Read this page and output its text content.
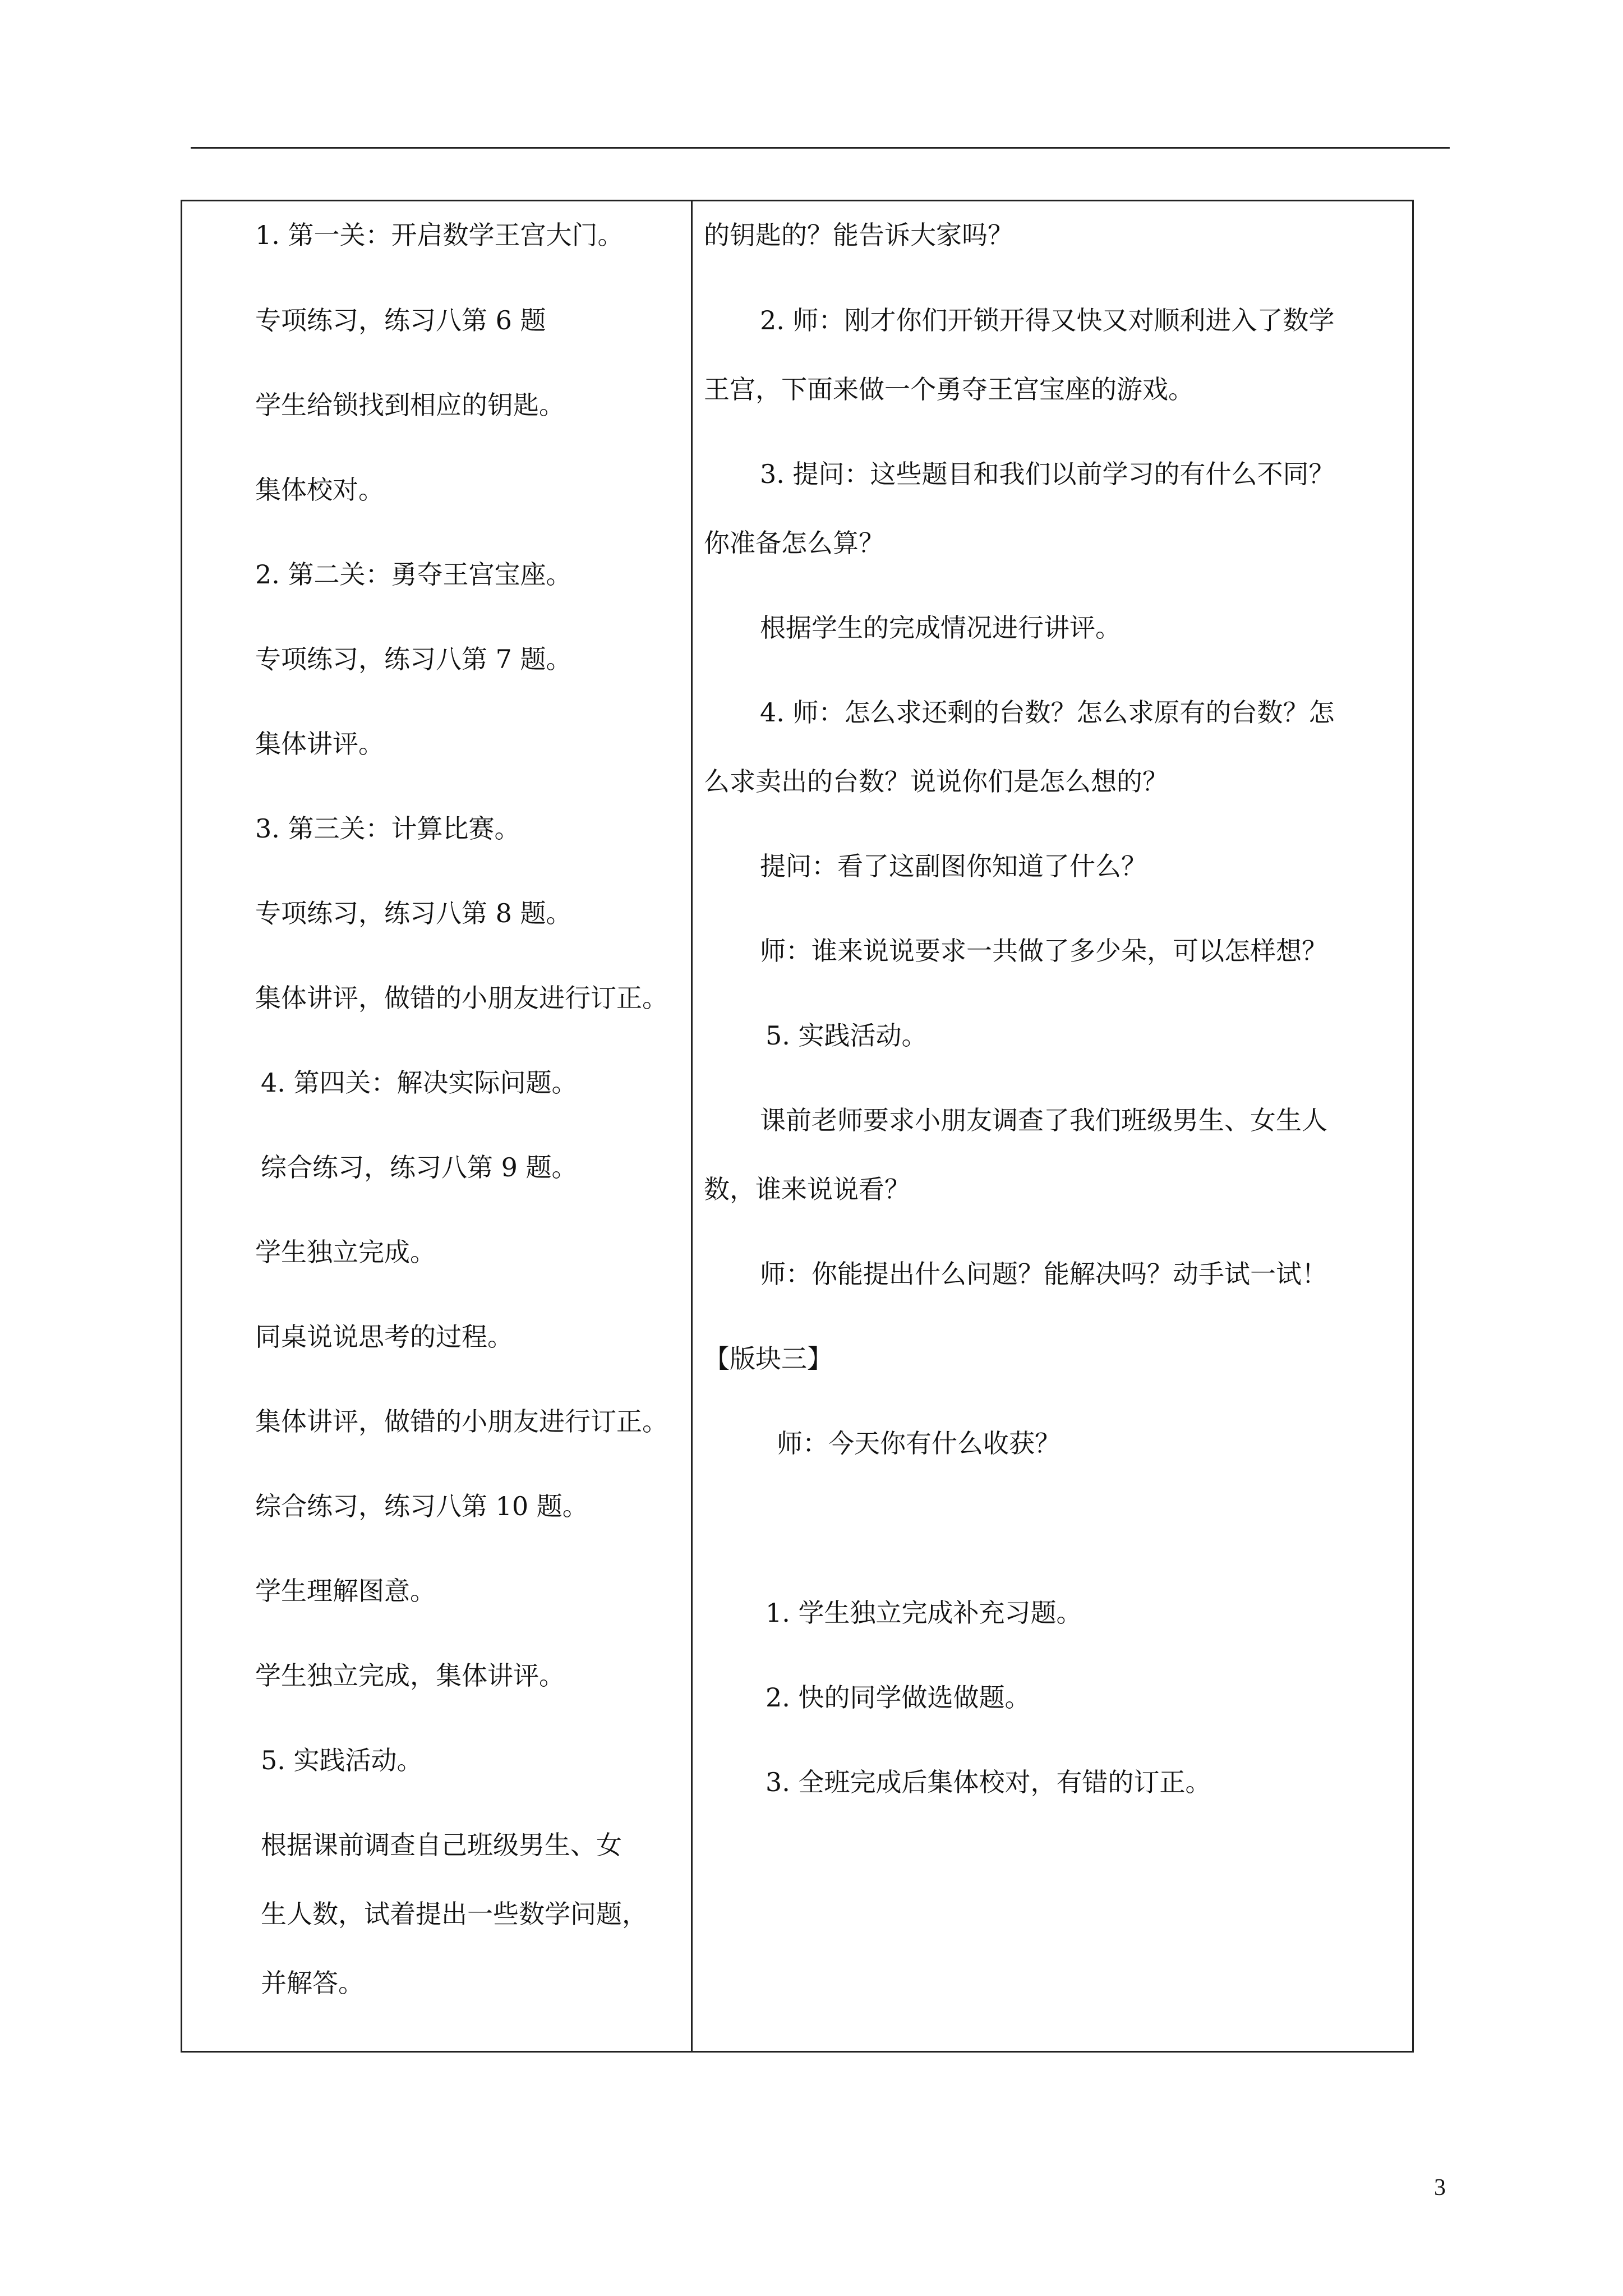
1. 第一关：开启数学王宫大门。
专项练习，练习八第 6 题
学生给锁找到相应的钥匙。
集体校对。
2. 第二关：勇夺王宫宝座。
专项练习，练习八第 7 题。
集体讲评。
3. 第三关：计算比赛。
专项练习，练习八第 8 题。
集体讲评，做错的小朋友进行订正。
4. 第四关：解决实际问题。
综合练习，练习八第 9 题。
学生独立完成。
同桌说说思考的过程。
集体讲评，做错的小朋友进行订正。
综合练习，练习八第 10 题。
学生理解图意。
学生独立完成，集体讲评。
5. 实践活动。
根据课前调查自己班级男生、女
生人数，试着提出一些数学问题，
并解答。
的钥匙的？能告诉大家吗？
2. 师：刚才你们开锁开得又快又对顺利进入了数学
王宫，下面来做一个勇夺王宫宝座的游戏。
3. 提问：这些题目和我们以前学习的有什么不同？
你准备怎么算？
根据学生的完成情况进行讲评。
4. 师：怎么求还剩的台数？怎么求原有的台数？怎
么求卖出的台数？说说你们是怎么想的？
提问：看了这副图你知道了什么？
师：谁来说说要求一共做了多少朵，可以怎样想？
5. 实践活动。
课前老师要求小朋友调查了我们班级男生、女生人
数，谁来说说看？
师：你能提出什么问题？能解决吗？动手试一试！
【版块三】
师：今天你有什么收获？
1. 学生独立完成补充习题。
2. 快的同学做选做题。
3. 全班完成后集体校对，有错的订正。
3
